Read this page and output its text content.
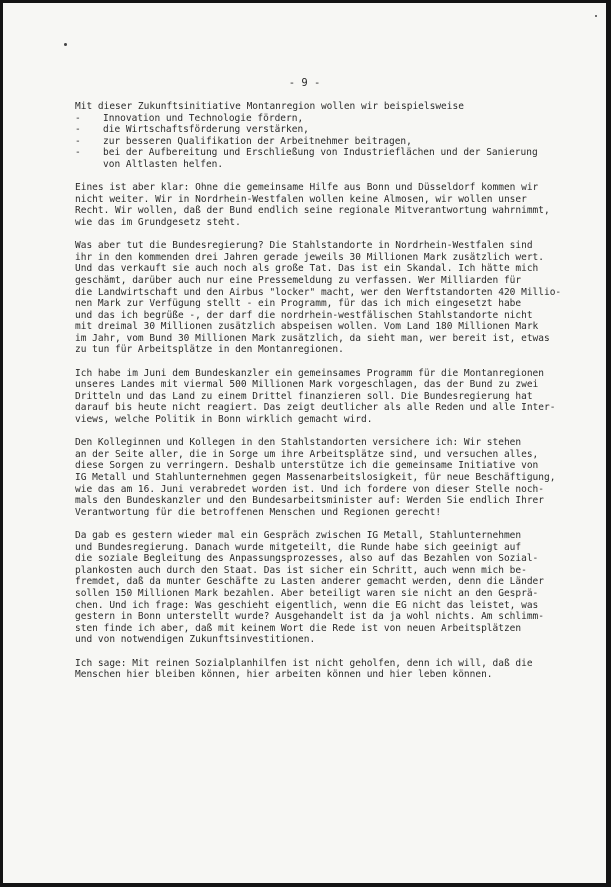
- 9 -
Mit dieser Zukunftsinitiative Montanregion wollen wir beispielsweise
- Innovation und Technologie fördern,
- die Wirtschaftsförderung verstärken,
- zur besseren Qualifikation der Arbeitnehmer beitragen,
- bei der Aufbereitung und Erschließung von Industrieflächen und der Sanierung
von Altlasten helfen.
Eines ist aber klar: Ohne die gemeinsame Hilfe aus Bonn und Düsseldorf kommen wir
nicht weiter. Wir in Nordrhein-Westfalen wollen keine Almosen, wir wollen unser
Recht. Wir wollen, daß der Bund endlich seine regionale Mitverantwortung wahrnimmt,
wie das im Grundgesetz steht.
Was aber tut die Bundesregierung? Die Stahlstandorte in Nordrhein-Westfalen sind
ihr in den kommenden drei Jahren gerade jeweils 30 Millionen Mark zusätzlich wert.
Und das verkauft sie auch noch als große Tat. Das ist ein Skandal. Ich hätte mich
geschämt, darüber auch nur eine Pressemeldung zu verfassen. Wer Milliarden für
die Landwirtschaft und den Airbus "locker" macht, wer den Werftstandorten 420 Millio-
nen Mark zur Verfügung stellt - ein Programm, für das ich mich eingesetzt habe
und das ich begrüße -, der darf die nordrhein-westfälischen Stahlstandorte nicht
mit dreimal 30 Millionen zusätzlich abspeisen wollen. Vom Land 180 Millionen Mark
im Jahr, vom Bund 30 Millionen Mark zusätzlich, da sieht man, wer bereit ist, etwas
zu tun für Arbeitsplätze in den Montanregionen.
Ich habe im Juni dem Bundeskanzler ein gemeinsames Programm für die Montanregionen
unseres Landes mit viermal 500 Millionen Mark vorgeschlagen, das der Bund zu zwei
Dritteln und das Land zu einem Drittel finanzieren soll. Die Bundesregierung hat
darauf bis heute nicht reagiert. Das zeigt deutlicher als alle Reden und alle Inter-
views, welche Politik in Bonn wirklich gemacht wird.
Den Kolleginnen und Kollegen in den Stahlstandorten versichere ich: Wir stehen
an der Seite aller, die in Sorge um ihre Arbeitsplätze sind, und versuchen alles,
diese Sorgen zu verringern. Deshalb unterstütze ich die gemeinsame Initiative von
IG Metall und Stahlunternehmen gegen Massenarbeitslosigkeit, für neue Beschäftigung,
wie das am 16. Juni verabredet worden ist. Und ich fordere von dieser Stelle noch-
mals den Bundeskanzler und den Bundesarbeitsminister auf: Werden Sie endlich Ihrer
Verantwortung für die betroffenen Menschen und Regionen gerecht!
Da gab es gestern wieder mal ein Gespräch zwischen IG Metall, Stahlunternehmen
und Bundesregierung. Danach wurde mitgeteilt, die Runde habe sich geeinigt auf
die soziale Begleitung des Anpassungsprozesses, also auf das Bezahlen von Sozial-
plankosten auch durch den Staat. Das ist sicher ein Schritt, auch wenn mich be-
fremdet, daß da munter Geschäfte zu Lasten anderer gemacht werden, denn die Länder
sollen 150 Millionen Mark bezahlen. Aber beteiligt waren sie nicht an den Gesprä-
chen. Und ich frage: Was geschieht eigentlich, wenn die EG nicht das leistet, was
gestern in Bonn unterstellt wurde? Ausgehandelt ist da ja wohl nichts. Am schlimm-
sten finde ich aber, daß mit keinem Wort die Rede ist von neuen Arbeitsplätzen
und von notwendigen Zukunftsinvestitionen.
Ich sage: Mit reinen Sozialplanhilfen ist nicht geholfen, denn ich will, daß die
Menschen hier bleiben können, hier arbeiten können und hier leben können.
